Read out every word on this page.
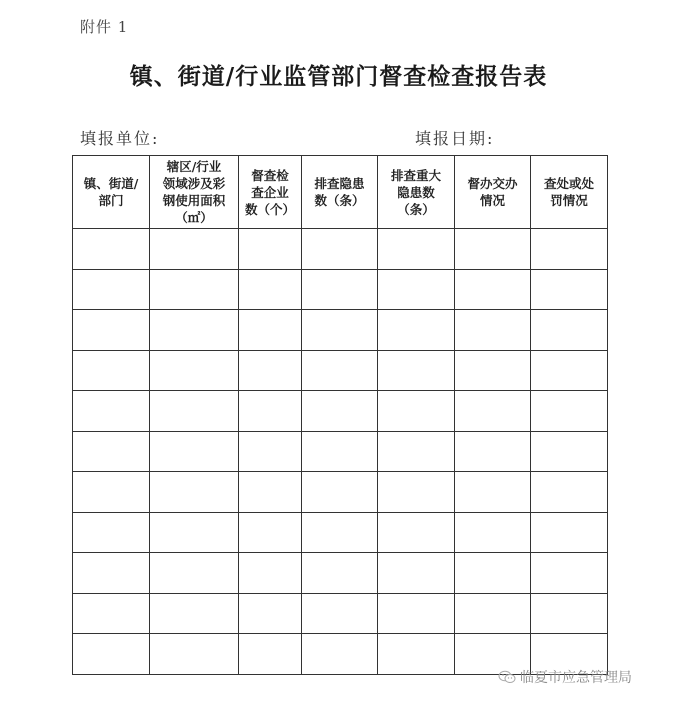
附件 1
镇、街道/行业监管部门督查检查报告表
填报单位:	填报日期:
镇、街道/
部门

辖区/行业
领域涉及彩
钢使用面积
（㎡）

督查检
查企业
数（个）

排查隐患
数（条）

排查重大
隐患数
（条）

督办交办
情况

查处或处
罚情况

临夏市应急管理局
